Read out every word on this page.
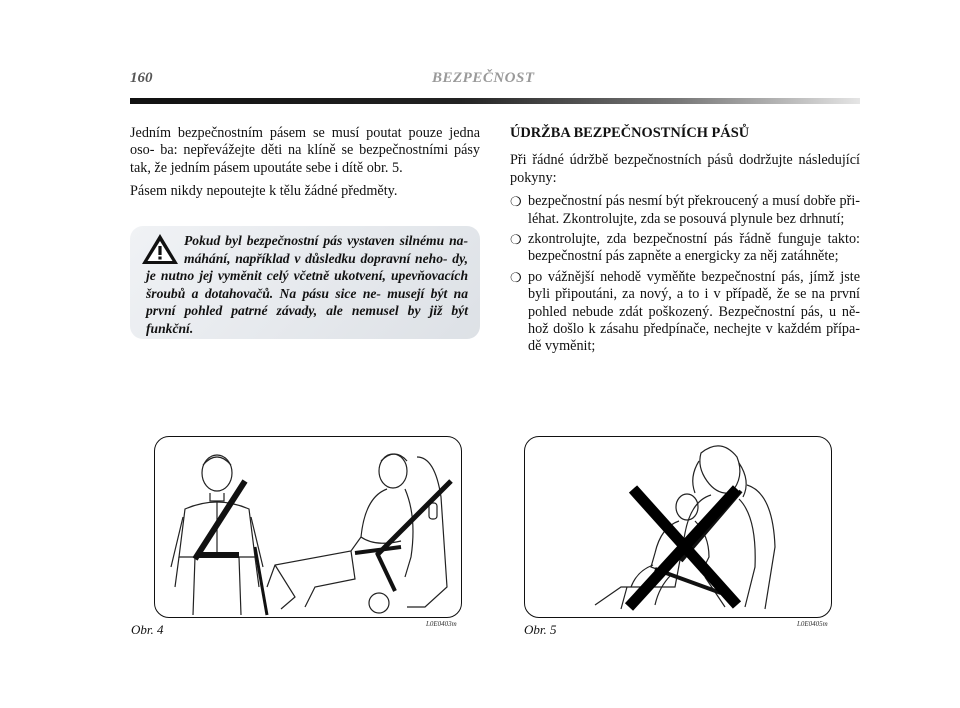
160	BEZPEČNOST

Jedním bezpečnostním pásem se musí poutat pouze jedna oso- ba: nepřevážejte děti na klíně se bezpečnostními pásy tak, že jedním pásem upoutáte sebe i dítě obr. 5.

Pásem nikdy nepoutejte k tělu žádné předměty.

Pokud byl bezpečnostní pás vystaven silnému na- máhání, například v důsledku dopravní neho- dy, je nutno jej vyměnit celý včetně ukotvení, upevňovacích šroubů a dotahovačů. Na pásu sice ne- musejí být na první pohled patrné závady, ale nemusel by již být funkční.

ÚDRŽBA BEZPEČNOSTNÍCH PÁSŮ

Při řádné údržbě bezpečnostních pásů dodržujte následující pokyny:

❍ bezpečnostní pás nesmí být překroucený a musí dobře při- léhat. Zkontrolujte, zda se posouvá plynule bez drhnutí;
❍ zkontrolujte, zda bezpečnostní pás řádně funguje takto: bezpečnostní pás zapněte a energicky za něj zatáhněte;
❍ po vážnější nehodě vyměňte bezpečnostní pás, jímž jste byli připoutáni, za nový, a to i v případě, že se na první pohled nebude zdát poškozený. Bezpečnostní pás, u ně- hož došlo k zásahu předpínače, nechejte v každém přípa- dě vyměnit;
Obr. 4	L0E0403m	Obr. 5	L0E0405m
